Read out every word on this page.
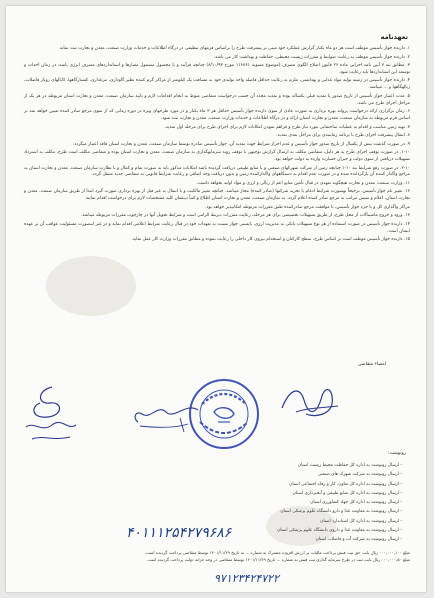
تعهدنامه

۱. دارنده جواز تأسیس موظف است هر دو ماه یکبار گزارش عملکرد خود مبنی بر پیشرفت طرح را براساس فرمهای تنظیمی در درگاه اطلاعات و خدمات وزارت صنعت، معدن و تجارت ثبت نماید.

۲. دارنده جواز تأسیس موظف به رعایت ضوابط و مقررات زیست محیطی، حفاظت و بهداشت کار می باشد.

۳. مطابق بند ۷ آیین نامه اجرایی ماده ۲۶ قانون اصلاح الگوی مصرف (موضوع مصوبه ۱۱۶۸۶۱ مورخ ۸/۱۰/۹۳) چنانچه فرآیند و یا محصول مشمول معیارها و استانداردهای مصرف انرژی باشد، در زمان احداث و توسعه این استانداردها باید رعایت شود.

۴. دارنده جواز تأسیس در زمینه تولید مواد غذایی و بهداشتی، ملزم به رعایت حداقل فاصله واحد تولیدی خود به مسافت یک کیلومتر از مراکز گرم کننده نظیر گاوداری، مرغداری، کشتارگاهها، کانالهای روباز فاضلاب، زبالهگاهها و ... میباشد.

۵. مدت اعتبار جواز تأسیس از تاریخ صدور یا تمدید قبلی یکساله بوده و تمدید مجدد آن حسب درخواست متقاضی منوط به انجام اقدامات لازم و تایید سازمان صنعت، معدن و تجارت استان مربوطه در هر یک از مراحل اجرای طرح می باشد.

۶. زمان برگزاری ارائه درخواست پروانه بهره برداری به صورت عادی از سوی دارنده جواز تأسیس حداقل هر ۳ ماه یکبار و در مورد طرحهای ویژه در دوره زمانی که از سوی مرجع صادر کننده تعیین خواهد شد بر اساس فرم مربوطه به سازمان صنعت، معدن و تجارت استان ارائه و در درگاه اطلاعات و خدمات وزارت صنعت، معدن و تجارت ثبت شود.

۷. تهیه زمین مناسب و اقدام به عملیات ساختمانی مورد نیاز طرح و فراهم نمودن امکانات لازم برای اجرای طرح برای مرحله اول تمدید.

۸. انتقال پیشرفت اجرای طرح با برنامه زمانبندی برای مراحل بعدی تمدید.

۹. در صورت گذشت بیش از یکسال از تاریخ صدور جواز تأسیس و عدم احراز شرایط جهت تمدید آن، جواز تأسیس صادره توسط سازمان صنعت، معدن و تجارت استان فاقد اعتبار میگردد.

۱-۱۰. در صورت توقف اجرای طرح به هر دلیل، متقاضی مکلف به ارسال گزارش توجیهی با توقف روند سرمایهگذاری به سازمان صنعت، معدن و تجارت استان بوده و متقاضی مکلف است طرح، مکلف به استرداد تسهیلات دریافتی از سوی دولت و جبران خسارت وارده به دولت خواهد بود.

۲-۱۰. در صورت رفع شرایط بند ۱۰-۱ چنانچه زمین از شرکت شهرکهای صنعتی و یا منابع طبیعی دریافت گردیده باشد امکانات مذکور باید به صورت تمام و کمال و با نظارت سازمان صنعت، معدن و تجارت استان به مراجع واگذار کننده آن بازگردانده شده و در صورت عدم اقدام به دستگاههای واگذارکننده زمین و بدون دریافت وجه اضافی و رعایت شرایط قانونی به متقاضی جدید منتقل گردد.

۱۱. وزارت صنعت، معدن و تجارت هیچگونه تعهدی در قبال تأمین منابع اعم از ریالی و ارزی و مواد اولیه نخواهد داشت.

۱۲. تغییر نام جواز تأسیس، ترجیحاً بهصورت شرایط ادغام یا تجزیه شرکتها (صادر کننده) مجاز میباشد. چنانچه تغییر مالکیت و یا انتقال به غیر قبل از بهره برداری صورت گیرد ابتدا از طریق سازمان صنعت، معدن و تجارت استان، اعلام و سپس مراتب به مرجع صادر کننده اعلام گردد. به سازمان صنعت، معدن و تجارت استان اطلاع و کتباً ذینفعان کلیه مشخصات لازم برای درخواست اقدام نمایند.

مراکز واگذاری کل و یا جزء جواز تأسیس، با موافقت مرجع صادرکننده طبق مقررات مربوطه امکانپذیر خواهد بود.

۱۳. ورود و خروج ماشینآلات از محل طرح، از طریق تسهیلات تخصیصی برای هر مرحله، رعایت مقررات ذیربط الزامی است و شرایط تحویل آنها در چارچوب مقررات مربوطه میباشد.

۱۴. دارنده جواز تأسیس در صورت استفاده از هر نوع تسهیلات بانکی به مدیریت ارزی، بایستی جواز نسبت به تعهدات خود در قبال رعایت شرایط اعلامی اقدام نماید و در غیر اینصورت مسئولیت عواقب آن بر عهده ایشان است.

۱۵. دارنده جواز تأسیس موظف است بر اساس طرح، سطح کارکنان و استخدام نیروی کار داخلی را رعایت نموده و مطابق مقررات وزارت کار عمل نماید.

امضاء متقاضی
رونوشت:
- ارسال رونوشت به اداره کل حفاظت محیط زیست استان
- ارسال رونوشت به شرکت شهرک های صنعتی
- ارسال رونوشت به اداره کل تعاون، کار و رفاه اجتماعی استان
- ارسال رونوشت به اداره کل منابع طبیعی و آبخیزداری استان
- ارسال رونوشت به اداره کل جهاد کشاورزی استان
- ارسال رونوشت به معاونت غذا و دارو دانشگاه علوم پزشکی استان
- ارسال رونوشت به اداره کل استاندارد استان
- ارسال رونوشت به معاونت غذا و داروی دانشگاه علوم پزشکی استان
- ارسال رونوشت به شرکت آب و فاضلاب استان
۴۰۱۱۱۲۵۴۲۷۹۶۸۶

مبلغ ۰۰۰,۰۰۰,۱۰۰ ریال بابت حق ثبت فیش پرداخت مالیات بر ارزش افزوده مشترک به شماره ... به تاریخ ۱۴۰۱/۱۱/۲۹ توسط متقاضی پرداخت گردیده است.

مبلغ ۰۰۰,۰۰۰,۵۰ ریال بابت ثبت در طرح سرمایه گذاری ثبت فیش به شماره ... تاریخ ۱۴۰۱/۱۱/۲۹ توسط متقاضی در وجه خزانه دولت پرداخت گردیده است.

۹۷۱۲۳۴۲۴۷۲۲
